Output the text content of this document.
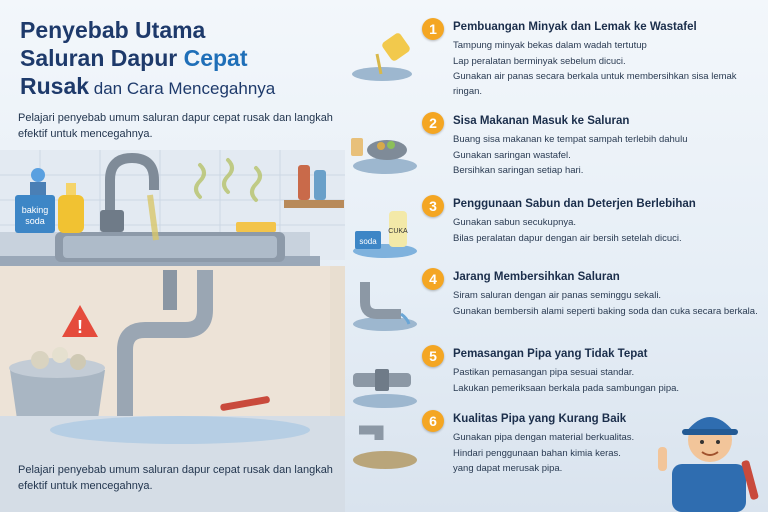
baking
soda
!
Penyebab Utama
Saluran Dapur Cepat
Rusak dan Cara Mencegahnya
Pelajari penyebab umum saluran dapur cepat rusak dan langkah efektif untuk mencegahnya.
Pelajari penyebab umum saluran dapur cepat rusak dan langkah efektif untuk mencegahnya.
1	Pembuangan Minyak dan Lemak ke Wastafel
Tampung minyak bekas dalam wadah tertutup
Lap peralatan berminyak sebelum dicuci.
Gunakan air panas secara berkala untuk membersihkan sisa lemak ringan.
2	Sisa Makanan Masuk ke Saluran
Buang sisa makanan ke tempat sampah terlebih dahulu
Gunakan saringan wastafel.
Bersihkan saringan setiap hari.
soda
CUKA
3	Penggunaan Sabun dan Deterjen Berlebihan
Gunakan sabun secukupnya.
Bilas peralatan dapur dengan air bersih setelah dicuci.
4	Jarang Membersihkan Saluran
Siram saluran dengan air panas seminggu sekali.
Gunakan bembersih alami seperti baking soda dan cuka secara berkala.
5	Pemasangan Pipa yang Tidak Tepat
Pastikan pemasangan pipa sesuai standar.
Lakukan pemeriksaan berkala pada sambungan pipa.
6	Kualitas Pipa yang Kurang Baik
Gunakan pipa dengan material berkualitas.
Hindari penggunaan bahan kimia keras.
yang dapat merusak pipa.
